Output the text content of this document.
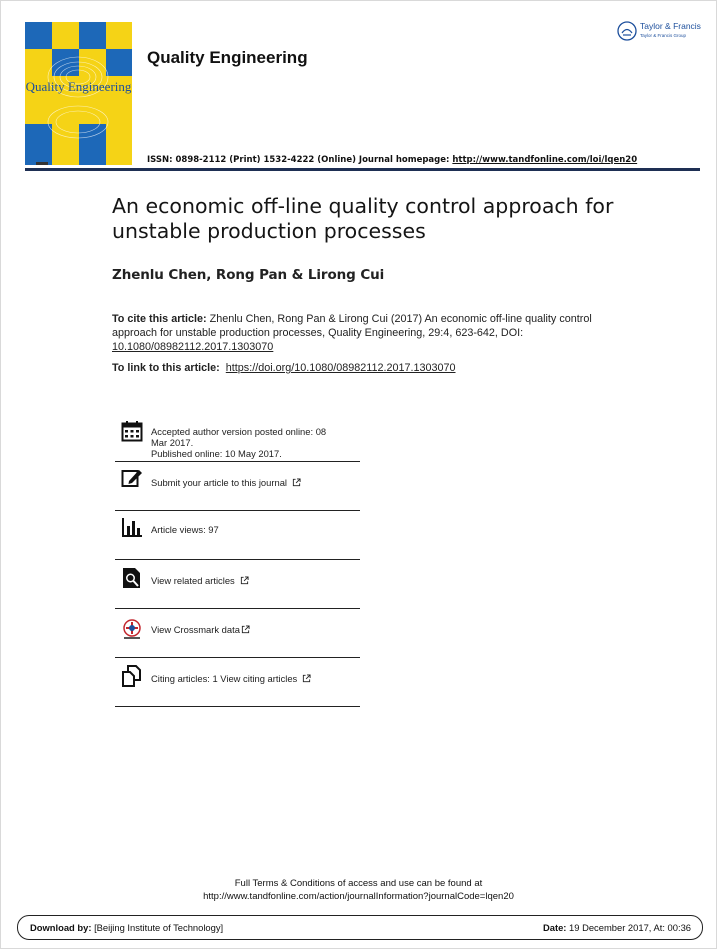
Quality Engineering
Quality Engineering
Taylor & Francis
Taylor & Francis Group
ISSN: 0898-2112 (Print) 1532-4222 (Online) Journal homepage: http://www.tandfonline.com/loi/lqen20
An economic off-line quality control approach for unstable production processes
Zhenlu Chen, Rong Pan & Lirong Cui
To cite this article: Zhenlu Chen, Rong Pan & Lirong Cui (2017) An economic off-line quality control approach for unstable production processes, Quality Engineering, 29:4, 623-642, DOI: 10.1080/08982112.2017.1303070
To link to this article: https://doi.org/10.1080/08982112.2017.1303070
Accepted author version posted online: 08
Mar 2017.
Published online: 10 May 2017.
Submit your article to this journal
Article views: 97
View related articles
View Crossmark data
Citing articles: 1 View citing articles
Full Terms & Conditions of access and use can be found at
http://www.tandfonline.com/action/journalInformation?journalCode=lqen20
Download by: [Beijing Institute of Technology]	Date: 19 December 2017, At: 00:36
